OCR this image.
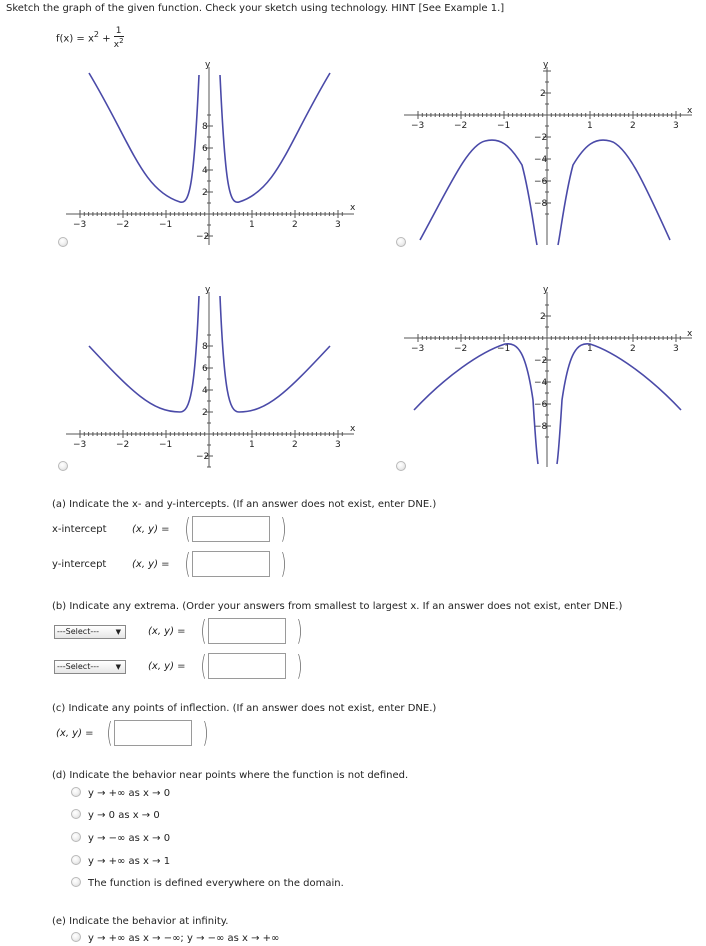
Sketch the graph of the given function. Check your sketch using technology. HINT [See Example 1.]
$f(x) = x^2 + \frac{1}{x^2}$
y
x
−3	−2	−1	1	2	3
8
6
4
2
−2
y
x
−3	−2	−1	1	2	3
2
−2
−4
−6
−8
y
x
−3	−2	−1	1	2	3
8
6
4
2
−2
y
x
−3	−2	−1	1	2	3
2
−2
−4
−6
−8
(a) Indicate the x- and y-intercepts. (If an answer does not exist, enter DNE.)
x-intercept	(x, y) = (	)
y-intercept	(x, y) = (	)
(b) Indicate any extrema. (Order your answers from smallest to largest x. If an answer does not exist, enter DNE.)
---Select--- ▼	(x, y) = (	)
---Select--- ▼	(x, y) = (	)
(c) Indicate any points of inflection. (If an answer does not exist, enter DNE.)
(x, y) = (	)
(d) Indicate the behavior near points where the function is not defined.
y → +∞ as x → 0
y → 0 as x → 0
y → −∞ as x → 0
y → +∞ as x → 1
The function is defined everywhere on the domain.
(e) Indicate the behavior at infinity.
y → +∞ as x → −∞; y → −∞ as x → +∞
